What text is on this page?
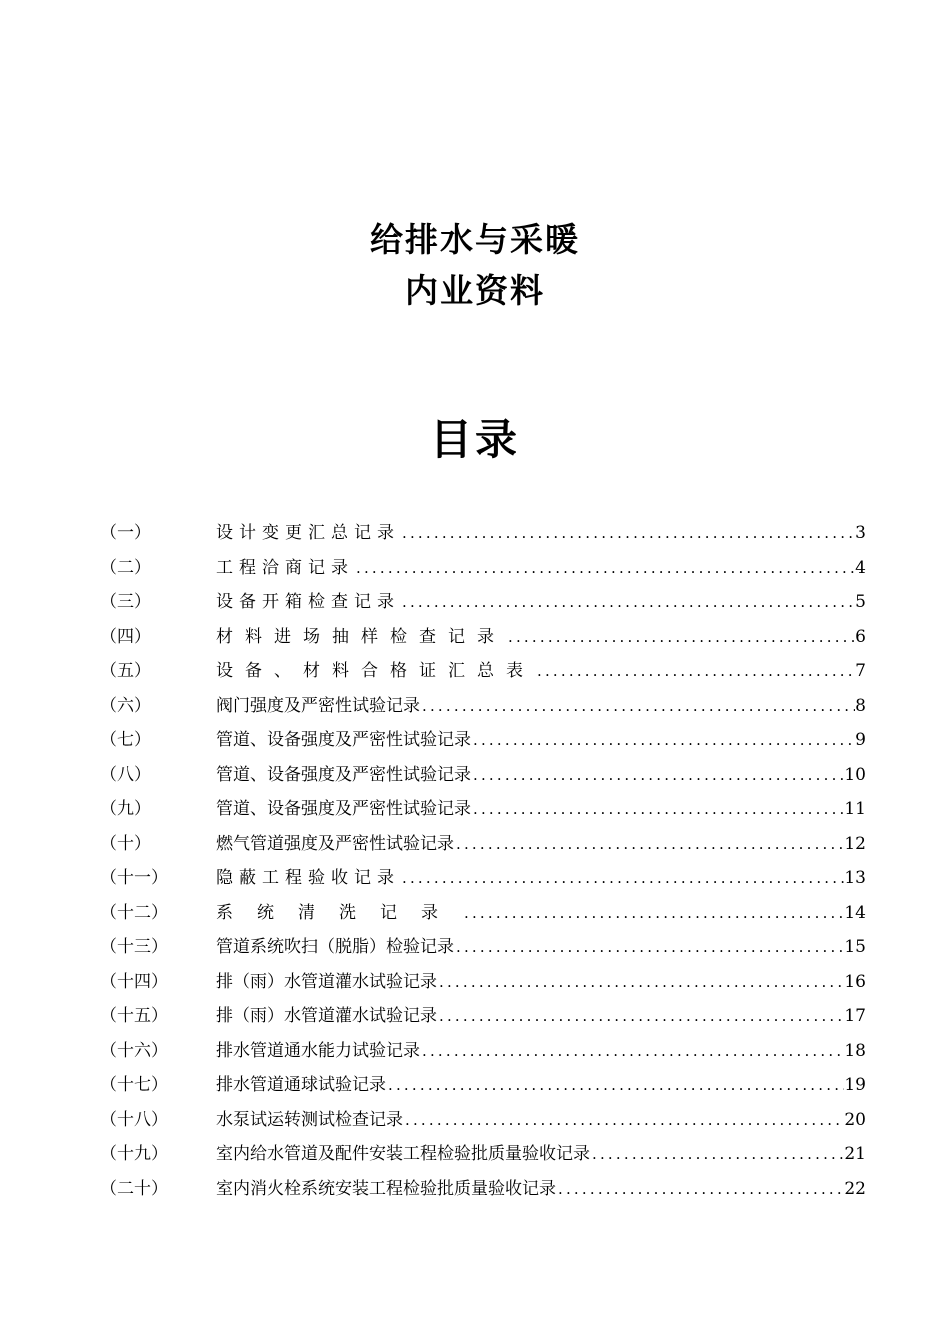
给排水与采暖
内业资料
目录
（一）	设计变更汇总记录 .....	3
（二）	工程洽商记录 .....	4
（三）	设备开箱检查记录 .....	5
（四）	材料进场抽样检查记录 .....	6
（五）	设备、材料合格证汇总表 .....	7
（六）	阀门强度及严密性试验记录 .....	8
（七）	管道、设备强度及严密性试验记录 .....	9
（八）	管道、设备强度及严密性试验记录 .....	10
（九）	管道、设备强度及严密性试验记录 .....	11
（十）	燃气管道强度及严密性试验记录 .....	12
（十一）	隐蔽工程验收记录 .....	13
（十二）	系统清洗记录 .....	14
（十三）	管道系统吹扫（脱脂）检验记录 .....	15
（十四）	排（雨）水管道灌水试验记录 .....	16
（十五）	排（雨）水管道灌水试验记录 .....	17
（十六）	排水管道通水能力试验记录 .....	18
（十七）	排水管道通球试验记录 .....	19
（十八）	水泵试运转测试检查记录 .....	20
（十九）	室内给水管道及配件安装工程检验批质量验收记录 .....	21
（二十）	室内消火栓系统安装工程检验批质量验收记录 .....	22
